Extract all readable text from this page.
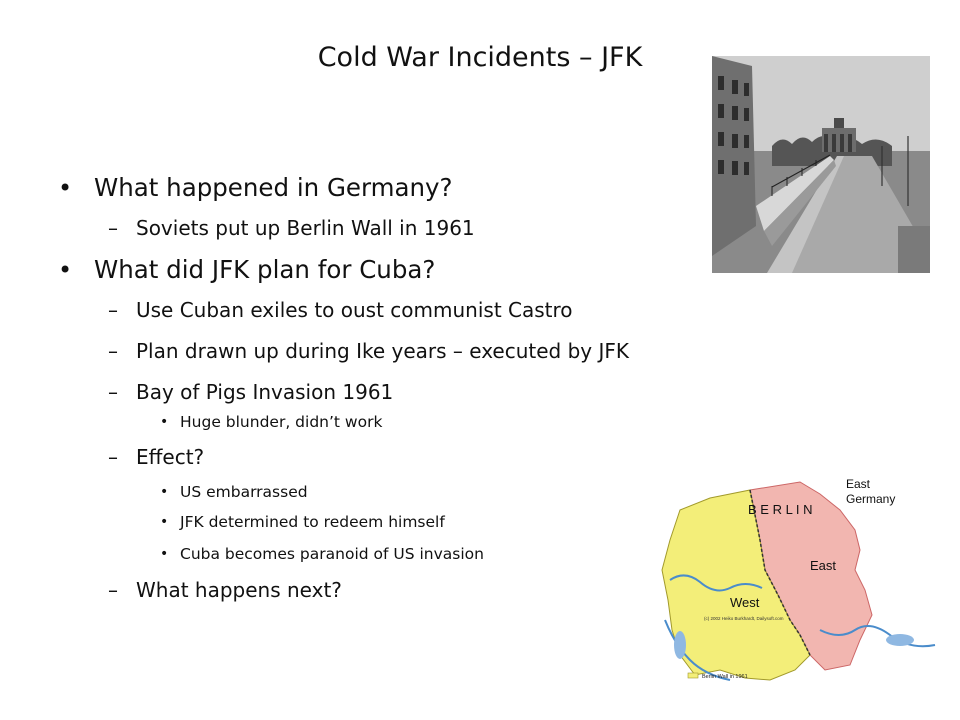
Cold War Incidents – JFK
• What happened in Germany?
– Soviets put up Berlin Wall in 1961
• What did JFK plan for Cuba?
– Use Cuban exiles to oust communist Castro
– Plan drawn up during Ike years – executed by JFK
– Bay of Pigs Invasion 1961
• Huge blunder, didn’t work
– Effect?
• US embarrassed
• JFK determined to redeem himself
• Cuba becomes paranoid of US invasion
– What happens next?
B E R L I N
East
Germany
East
West
(c) 2002 Heiko Burkhardt, Dailysoft.com
Berlin Wall in 1961
